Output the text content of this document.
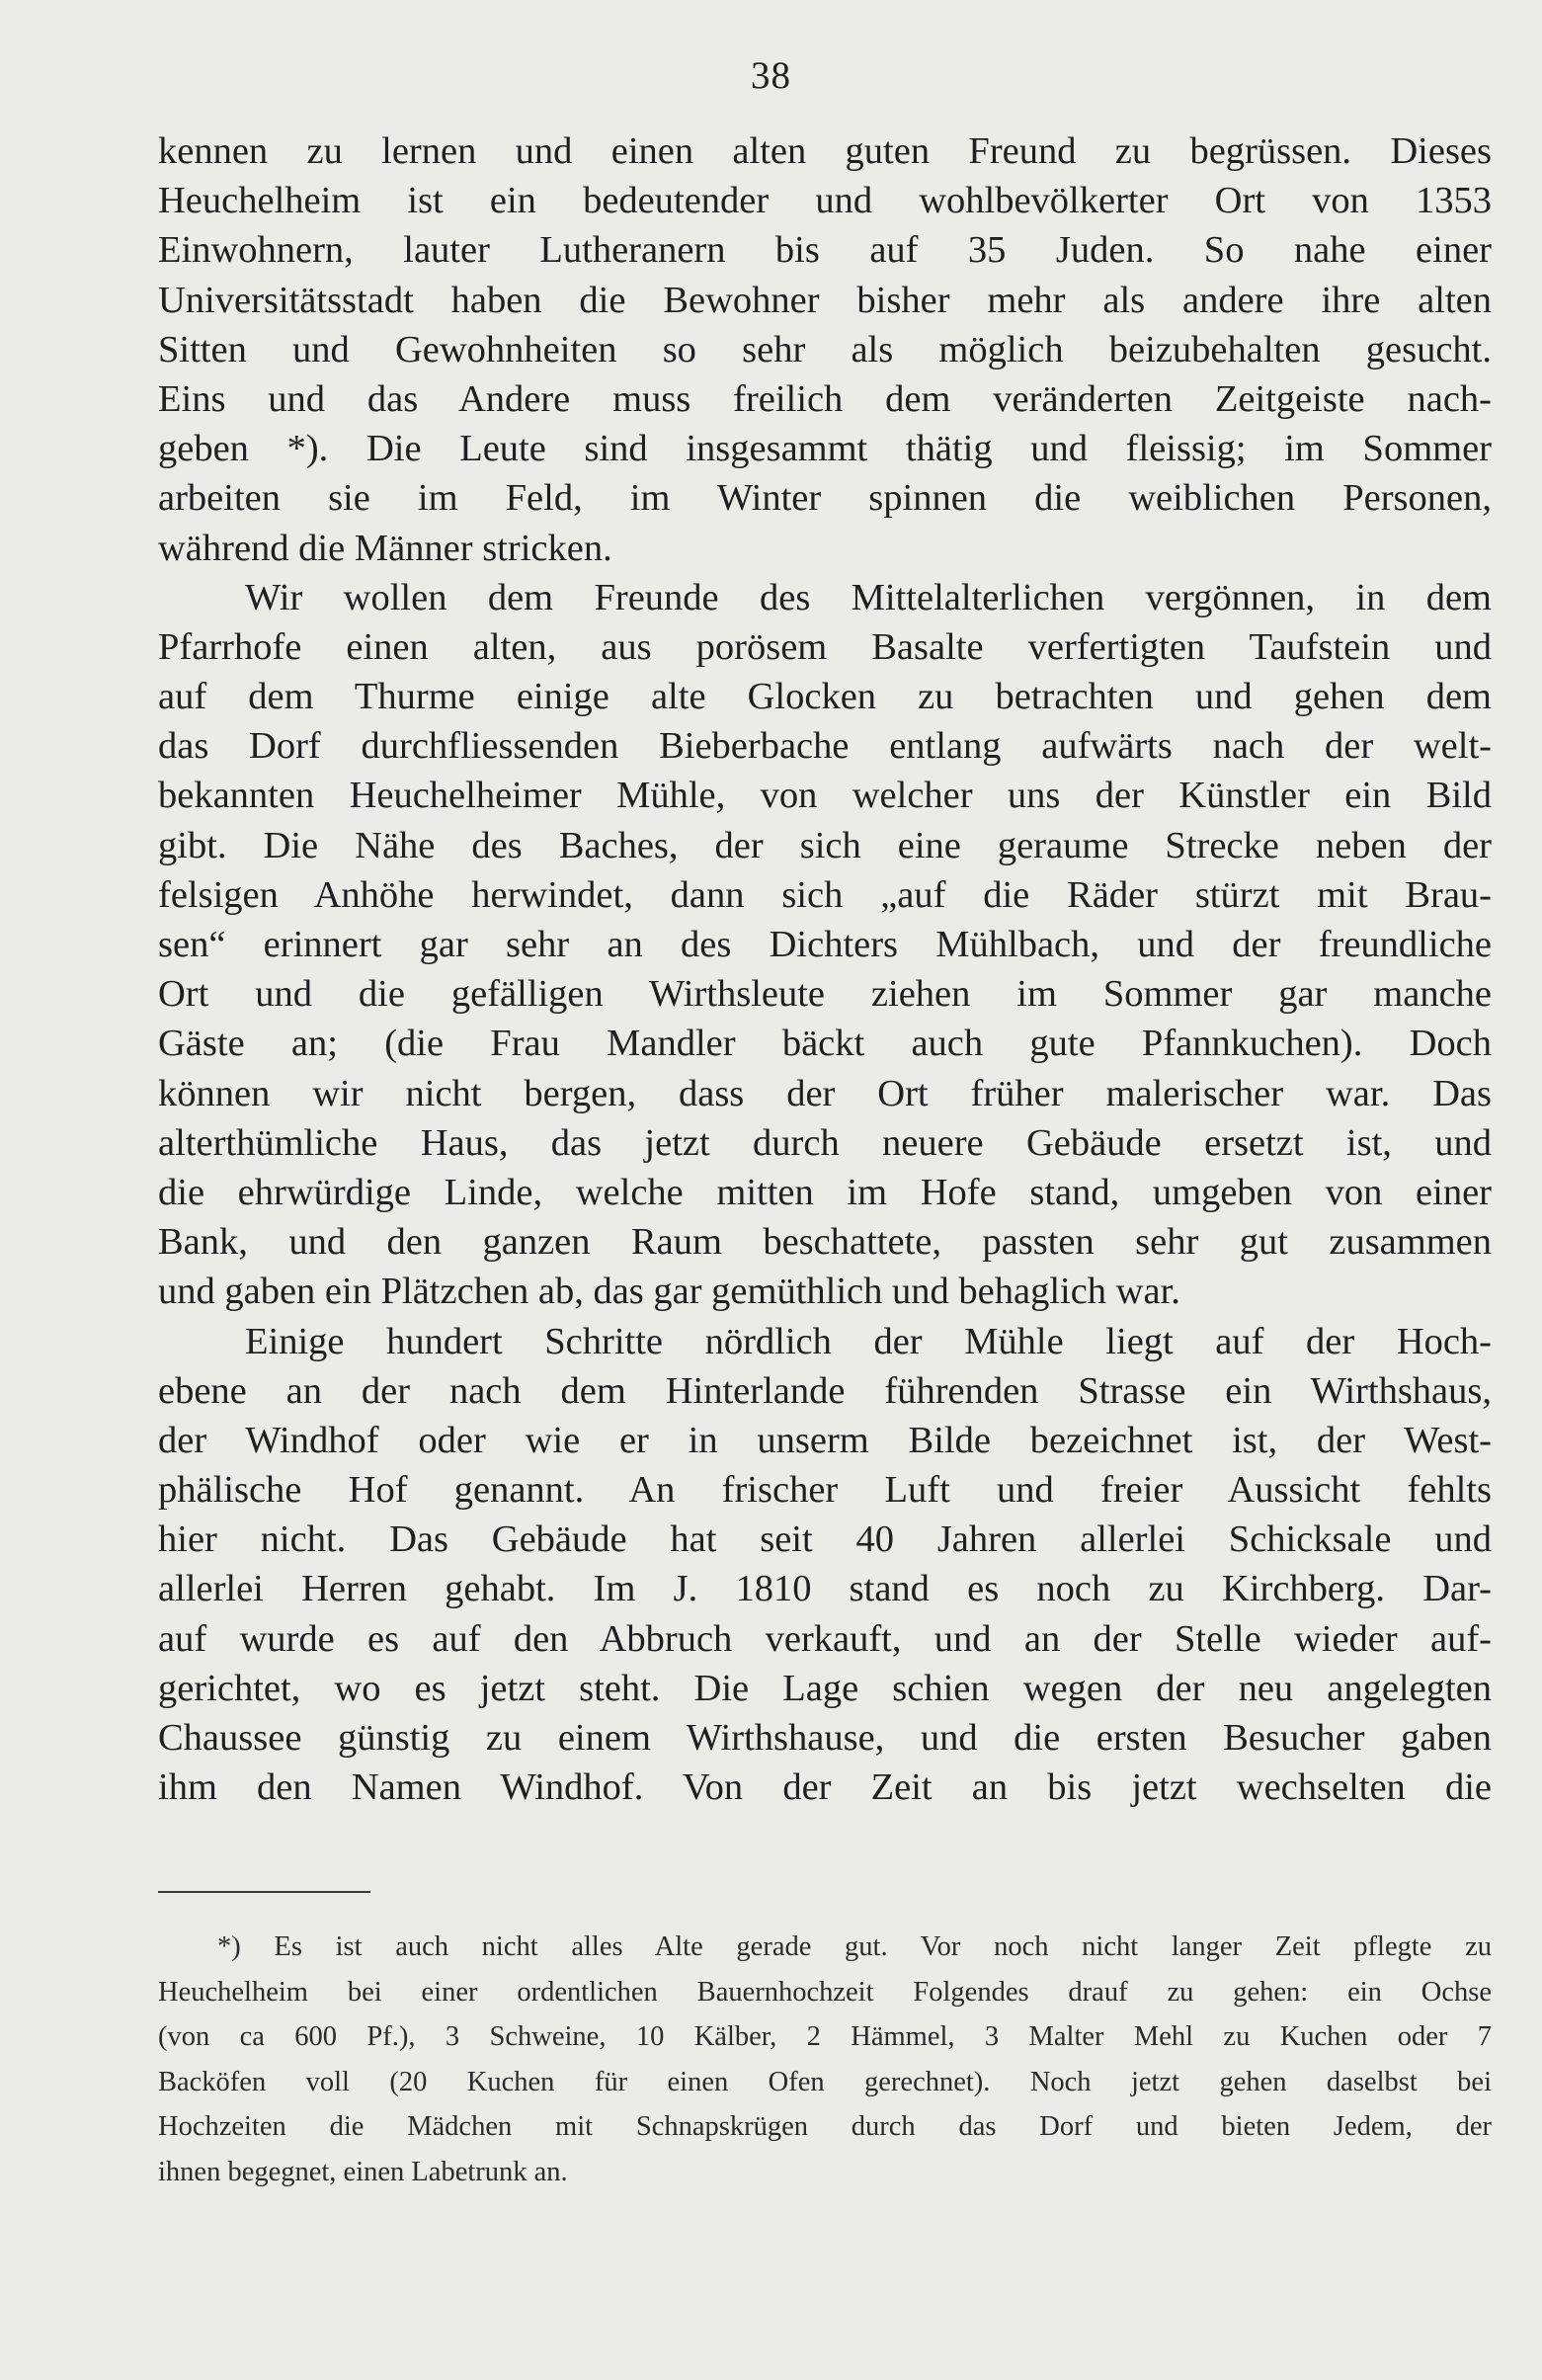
38
kennen zu lernen und einen alten guten Freund zu begrüssen. Dieses
Heuchelheim ist ein bedeutender und wohlbevölkerter Ort von 1353
Einwohnern, lauter Lutheranern bis auf 35 Juden. So nahe einer
Universitätsstadt haben die Bewohner bisher mehr als andere ihre alten
Sitten und Gewohnheiten so sehr als möglich beizubehalten gesucht.
Eins und das Andere muss freilich dem veränderten Zeitgeiste nach-
geben *). Die Leute sind insgesammt thätig und fleissig; im Sommer
arbeiten sie im Feld, im Winter spinnen die weiblichen Personen,
während die Männer stricken.
Wir wollen dem Freunde des Mittelalterlichen vergönnen, in dem
Pfarrhofe einen alten, aus porösem Basalte verfertigten Taufstein und
auf dem Thurme einige alte Glocken zu betrachten und gehen dem
das Dorf durchfliessenden Bieberbache entlang aufwärts nach der welt-
bekannten Heuchelheimer Mühle, von welcher uns der Künstler ein Bild
gibt. Die Nähe des Baches, der sich eine geraume Strecke neben der
felsigen Anhöhe herwindet, dann sich „auf die Räder stürzt mit Brau-
sen“ erinnert gar sehr an des Dichters Mühlbach, und der freundliche
Ort und die gefälligen Wirthsleute ziehen im Sommer gar manche
Gäste an; (die Frau Mandler bäckt auch gute Pfannkuchen). Doch
können wir nicht bergen, dass der Ort früher malerischer war. Das
alterthümliche Haus, das jetzt durch neuere Gebäude ersetzt ist, und
die ehrwürdige Linde, welche mitten im Hofe stand, umgeben von einer
Bank, und den ganzen Raum beschattete, passten sehr gut zusammen
und gaben ein Plätzchen ab, das gar gemüthlich und behaglich war.
Einige hundert Schritte nördlich der Mühle liegt auf der Hoch-
ebene an der nach dem Hinterlande führenden Strasse ein Wirthshaus,
der Windhof oder wie er in unserm Bilde bezeichnet ist, der West-
phälische Hof genannt. An frischer Luft und freier Aussicht fehlts
hier nicht. Das Gebäude hat seit 40 Jahren allerlei Schicksale und
allerlei Herren gehabt. Im J. 1810 stand es noch zu Kirchberg. Dar-
auf wurde es auf den Abbruch verkauft, und an der Stelle wieder auf-
gerichtet, wo es jetzt steht. Die Lage schien wegen der neu angelegten
Chaussee günstig zu einem Wirthshause, und die ersten Besucher gaben
ihm den Namen Windhof. Von der Zeit an bis jetzt wechselten die
*) Es ist auch nicht alles Alte gerade gut. Vor noch nicht langer Zeit pflegte zu
Heuchelheim bei einer ordentlichen Bauernhochzeit Folgendes drauf zu gehen: ein Ochse
(von ca 600 Pf.), 3 Schweine, 10 Kälber, 2 Hämmel, 3 Malter Mehl zu Kuchen oder 7
Backöfen voll (20 Kuchen für einen Ofen gerechnet). Noch jetzt gehen daselbst bei
Hochzeiten die Mädchen mit Schnapskrügen durch das Dorf und bieten Jedem, der
ihnen begegnet, einen Labetrunk an.
